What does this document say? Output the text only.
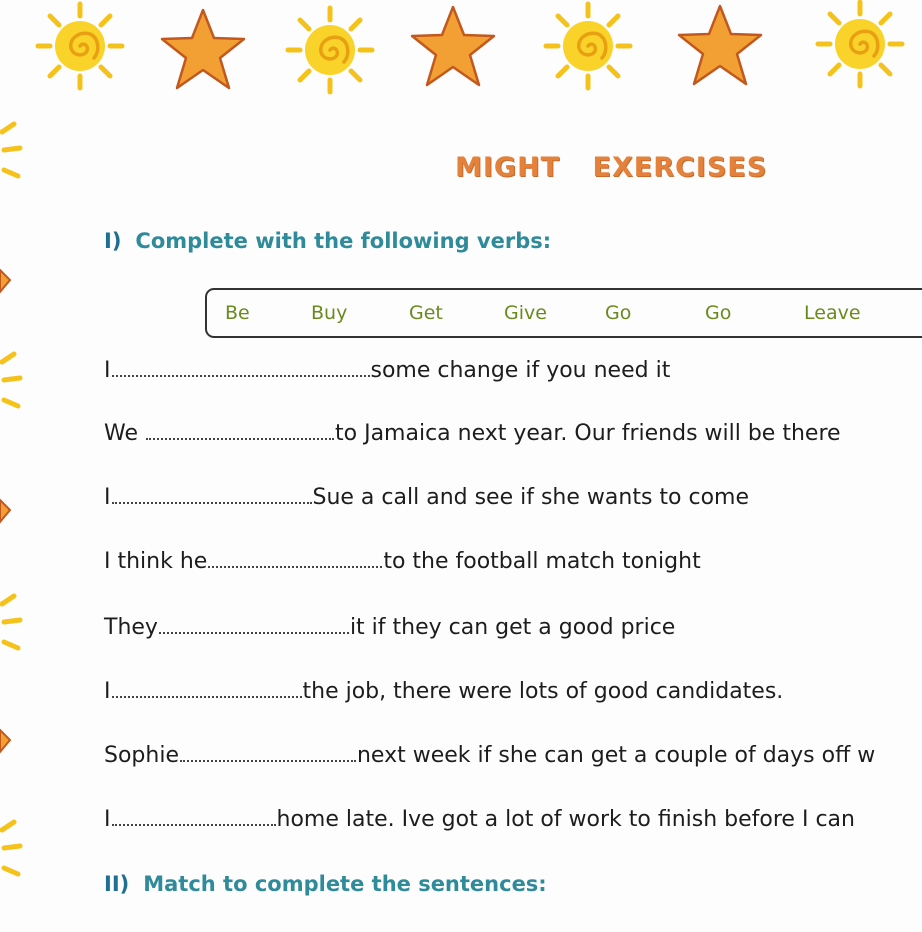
MIGHT EXERCISES
I) Complete with the following verbs:
Be	Buy	Get	Give	Go	Go	Leave
I	some change if you need it
We	to Jamaica next year. Our friends will be there
I	Sue a call and see if she wants to come
I think he	to the football match tonight
They	it if they can get a good price
I	the job, there were lots of good candidates.
Sophie	next week if she can get a couple of days off w
I	home late. Ive got a lot of work to finish before I can
II) Match to complete the sentences:
